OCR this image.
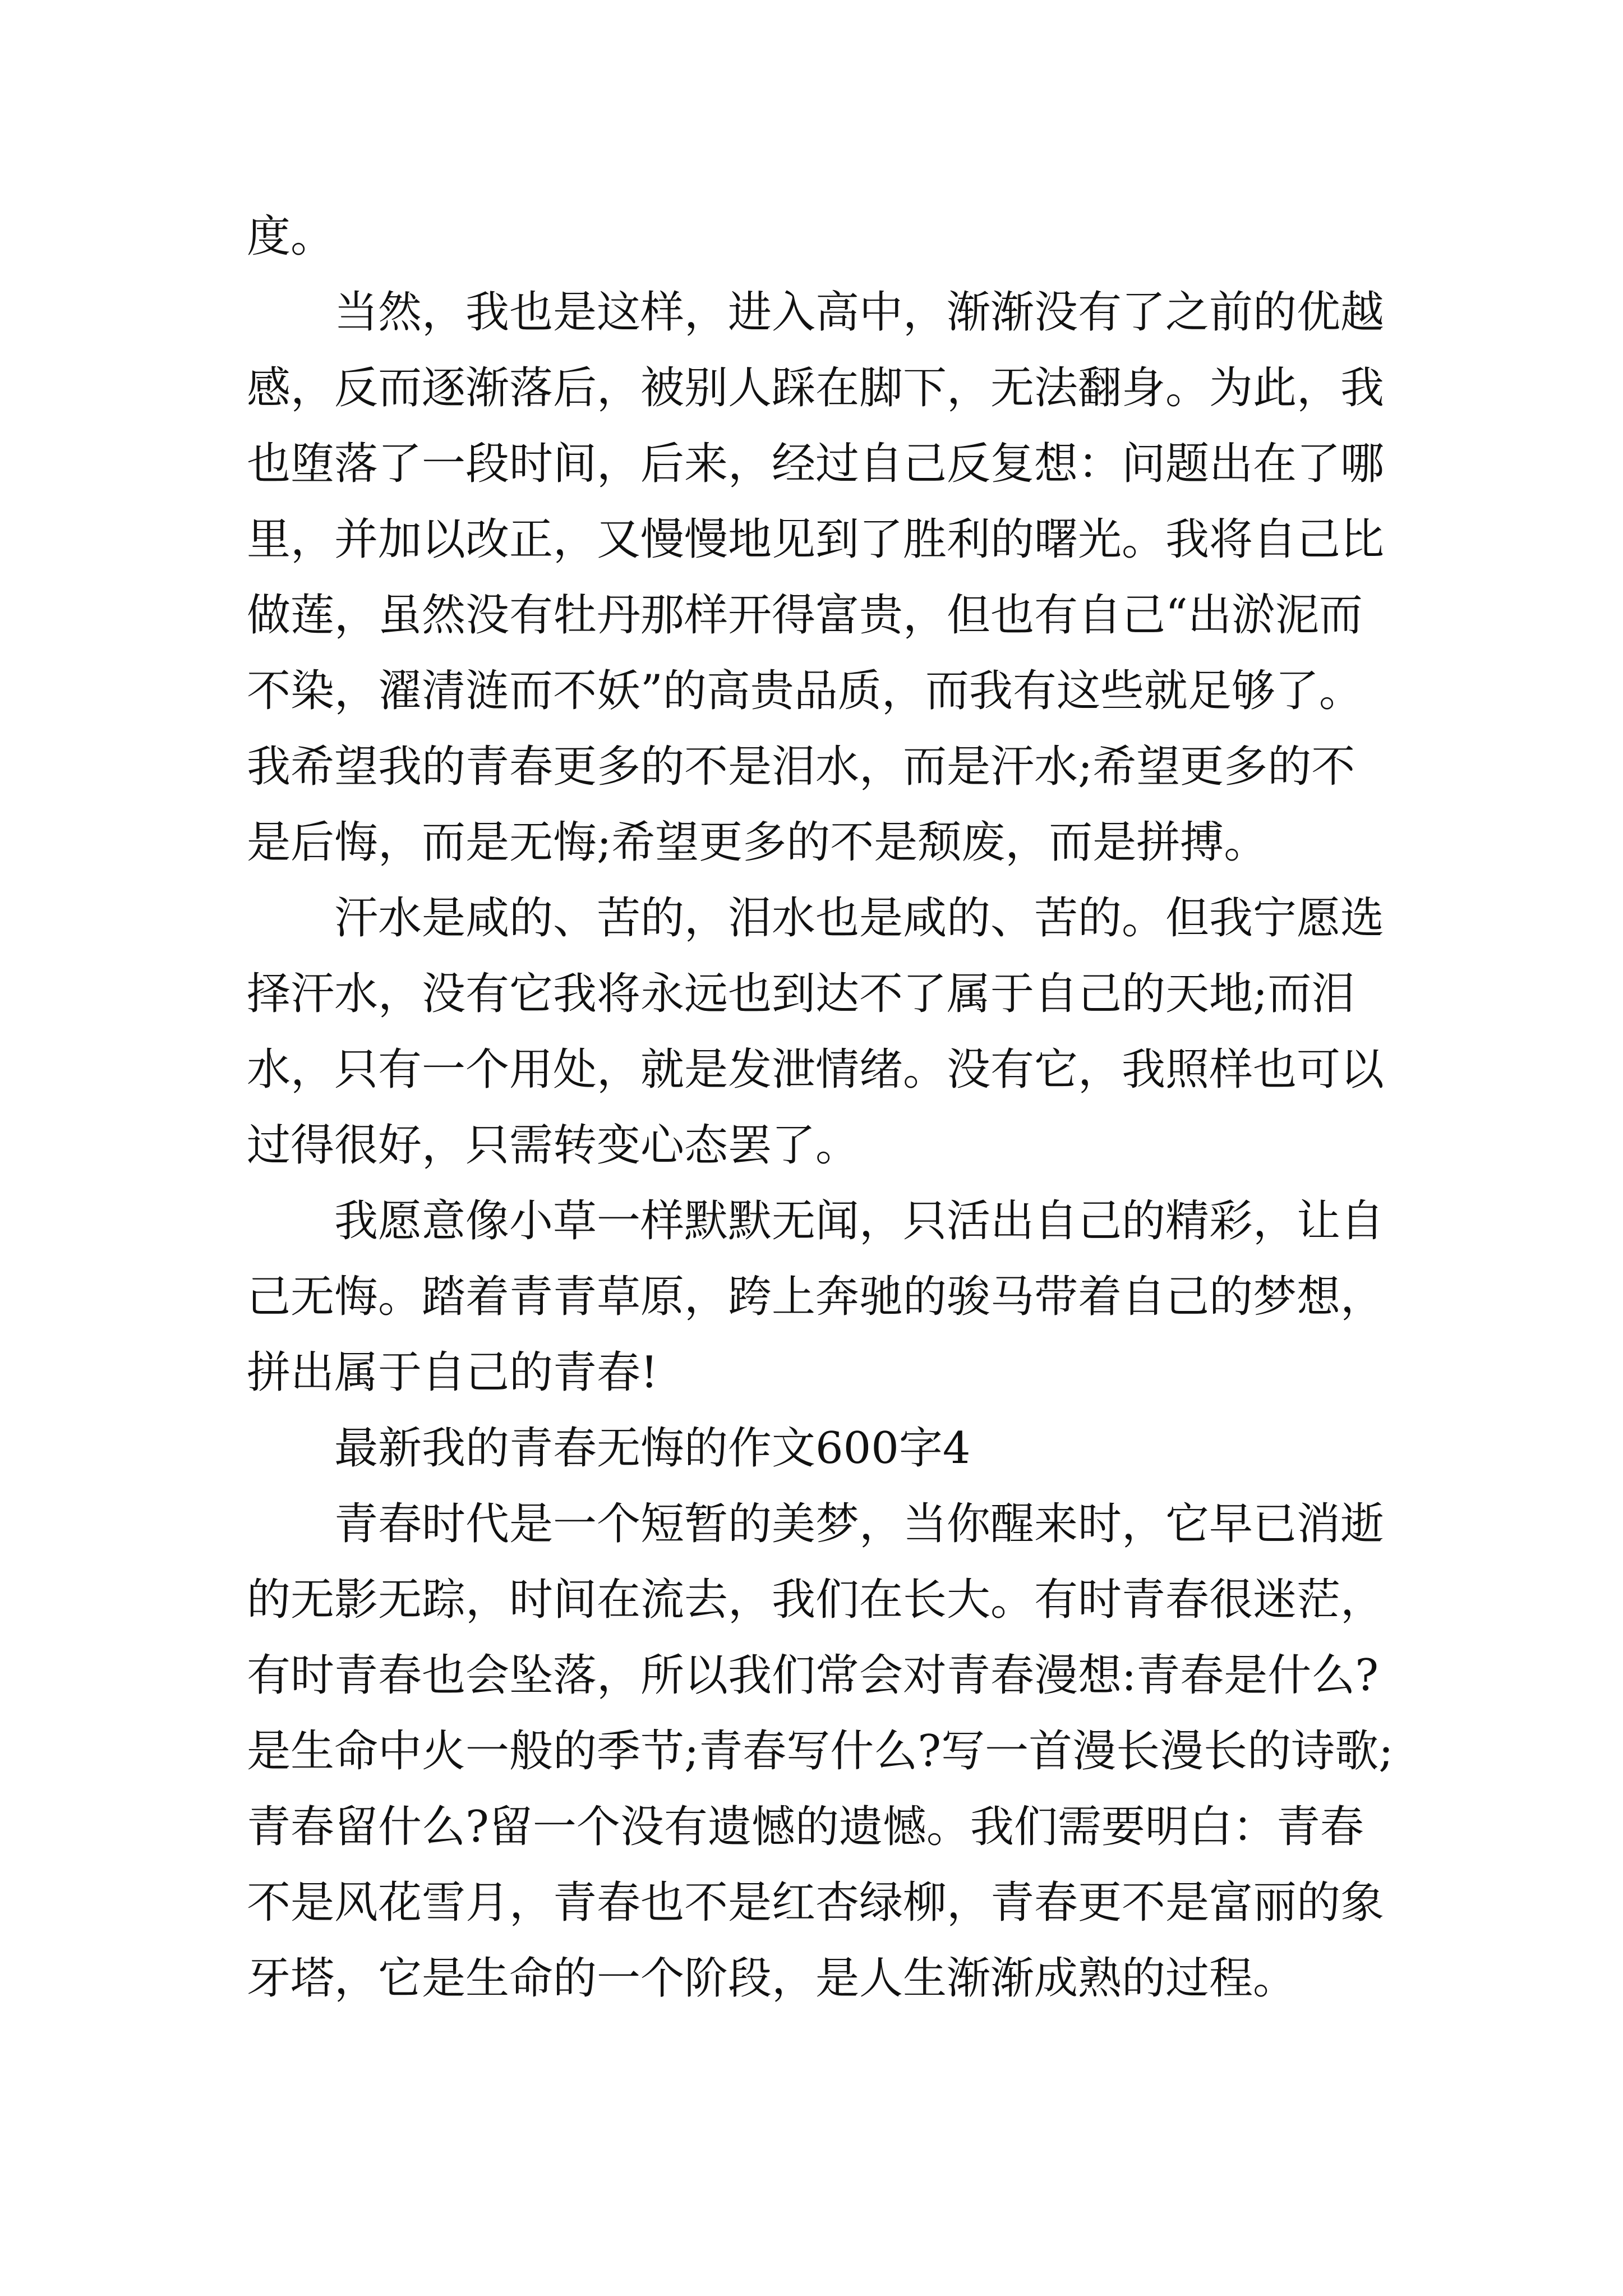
度。
当然，我也是这样，进入高中，渐渐没有了之前的优越
感，反而逐渐落后，被别人踩在脚下，无法翻身。为此，我
也堕落了一段时间，后来，经过自己反复想：问题出在了哪
里，并加以改正，又慢慢地见到了胜利的曙光。我将自己比
做莲，虽然没有牡丹那样开得富贵，但也有自己“出淤泥而
不染，濯清涟而不妖”的高贵品质，而我有这些就足够了。
我希望我的青春更多的不是泪水，而是汗水;希望更多的不
是后悔，而是无悔;希望更多的不是颓废，而是拼搏。
汗水是咸的、苦的，泪水也是咸的、苦的。但我宁愿选
择汗水，没有它我将永远也到达不了属于自己的天地;而泪
水，只有一个用处，就是发泄情绪。没有它，我照样也可以
过得很好，只需转变心态罢了。
我愿意像小草一样默默无闻，只活出自己的精彩，让自
己无悔。踏着青青草原，跨上奔驰的骏马带着自己的梦想，
拼出属于自己的青春!
最新我的青春无悔的作文600字4
青春时代是一个短暂的美梦，当你醒来时，它早已消逝
的无影无踪，时间在流去，我们在长大。有时青春很迷茫，
有时青春也会坠落，所以我们常会对青春漫想:青春是什么?
是生命中火一般的季节;青春写什么?写一首漫长漫长的诗歌;
青春留什么?留一个没有遗憾的遗憾。我们需要明白：青春
不是风花雪月，青春也不是红杏绿柳，青春更不是富丽的象
牙塔，它是生命的一个阶段，是人生渐渐成熟的过程。
